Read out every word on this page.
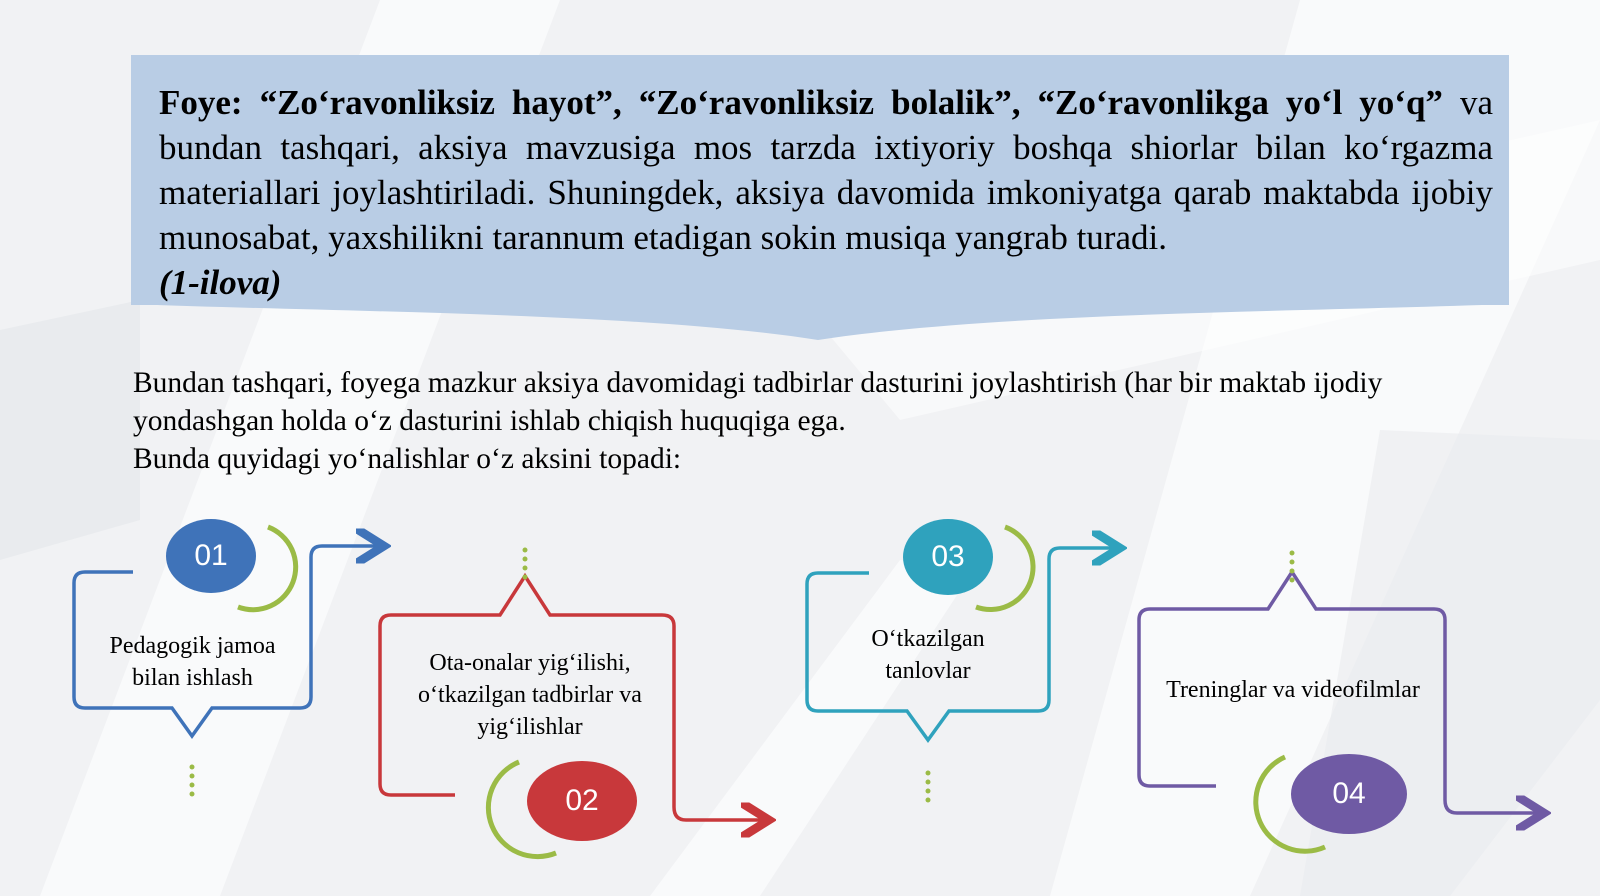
Foye: “Zo‘ravonliksiz hayot”, “Zo‘ravonliksiz bolalik”, “Zo‘ravonlikga yo‘l yo‘q” va bundan tashqari, aksiya mavzusiga mos tarzda ixtiyoriy boshqa shiorlar bilan ko‘rgazma materiallari joylashtiriladi. Shuningdek, aksiya davomida imkoniyatga qarab maktabda ijobiy munosabat, yaxshilikni tarannum etadigan sokin musiqa yangrab turadi.
(1-ilova)

Bundan tashqari, foyegа mazkur aksiya davomidagi tadbirlar dasturini joylashtirish (har bir maktab ijodiy yondashgan holda o‘z dasturini ishlab chiqish huquqiga ega.

Bunda quyidagi yo‘nalishlar o‘z aksini topadi:

01
02
03
04
Pedagogik jamoa bilan ishlash
Ota-onalar yig‘ilishi, o‘tkazilgan tadbirlar va yig‘ilishlar
O‘tkazilgan tanlovlar
Treninglar va videofilmlar
